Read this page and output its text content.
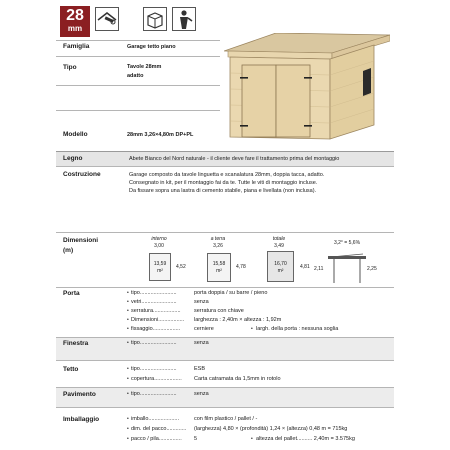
28
mm
Famiglia	Garage tetto piano
Tipo	Tavole 28mm
adatto
Modello	28mm 3,26×4,80m DP+PL
Legno	Abete Bianco del Nord naturale - il cliente deve fare il trattamento prima del montaggio
Costruzione	Garage composto da tavole linguetta e scanalatura 28mm, doppia tacca, adatto.
Consegnato in kit, per il montaggio fai da te. Tutte le viti di montaggio incluse.
Da fissare sopra una lastra di cemento stabile, piana e livellata (non inclusa).
Dimensioni
(m)
interno
3,00
13,59
m²
4,52
a terra
3,26
15,58
m²
4,78
totale
3,49
16,70
m²
4,81
3,2° = 5,6%
2,11	2,25
Porta	• tipo........................	porta doppia / su barre / pieno
• vetri.......................	senza
• serratura.................. serratura con chiave
• Dimensioni................. larghezza : 2,40m × altezza : 1,92m
• fissaggio..................	cerniere	• largh. della porta : nessuna soglia
Finestra	• tipo........................	senza
Tetto	• tipo........................	ESB
• copertura.................. Carta catramata da 1,5mm in rotolo
Pavimento	• tipo........................	senza
Imballaggio	• imballo....................	con film plastico / pallet / -
• dim. del pacco............. (larghezza) 4,80 × (profondità) 1,24 × (altezza) 0,48 m = 715kg
• pacco / pila............... 5	• altezza del pallet.......... 2,40m = 3.575kg
